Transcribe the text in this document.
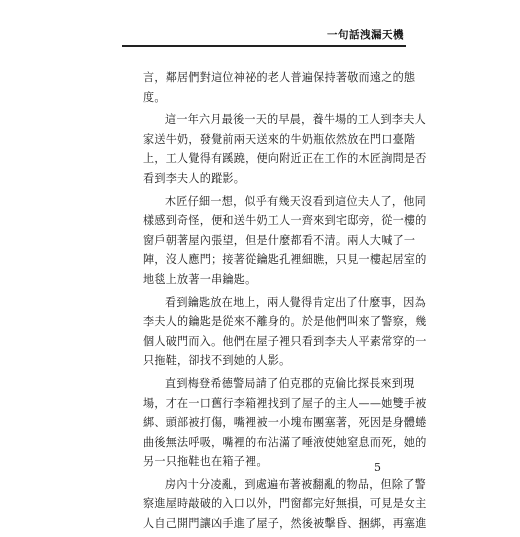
一句話洩漏天機

言，鄰居們對這位神祕的老人普遍保持著敬而遠之的態
度。

這一年六月最後一天的早晨，養牛場的工人到李夫人
家送牛奶，發覺前兩天送來的牛奶瓶依然放在門口臺階
上，工人覺得有蹊蹺，便向附近正在工作的木匠詢問是否
看到李夫人的蹤影。

木匠仔細一想，似乎有幾天沒看到這位夫人了，他同
樣感到奇怪，便和送牛奶工人一齊來到宅邸旁，從一樓的
窗戶朝著屋內張望，但是什麼都看不清。兩人大喊了一
陣，沒人應門；接著從鑰匙孔裡細瞧，只見一樓起居室的
地毯上放著一串鑰匙。

看到鑰匙放在地上，兩人覺得肯定出了什麼事，因為
李夫人的鑰匙是從來不離身的。於是他們叫來了警察，幾
個人破門而入。他們在屋子裡只看到李夫人平素常穿的一
只拖鞋，卻找不到她的人影。

直到梅登希德警局請了伯克郡的克倫比探長來到現
場，才在一口舊行李箱裡找到了屋子的主人——她雙手被
綁、頭部被打傷，嘴裡被一小塊布團塞著，死因是身體蜷
曲後無法呼吸，嘴裡的布沾滿了唾液使她窒息而死，她的
另一只拖鞋也在箱子裡。

房內十分凌亂，到處遍布著被翻亂的物品，但除了警
察進屋時敲破的入口以外，門窗都完好無損，可見是女主
人自己開門讓凶手進了屋子，然後被擊昏、捆綁，再塞進

5
